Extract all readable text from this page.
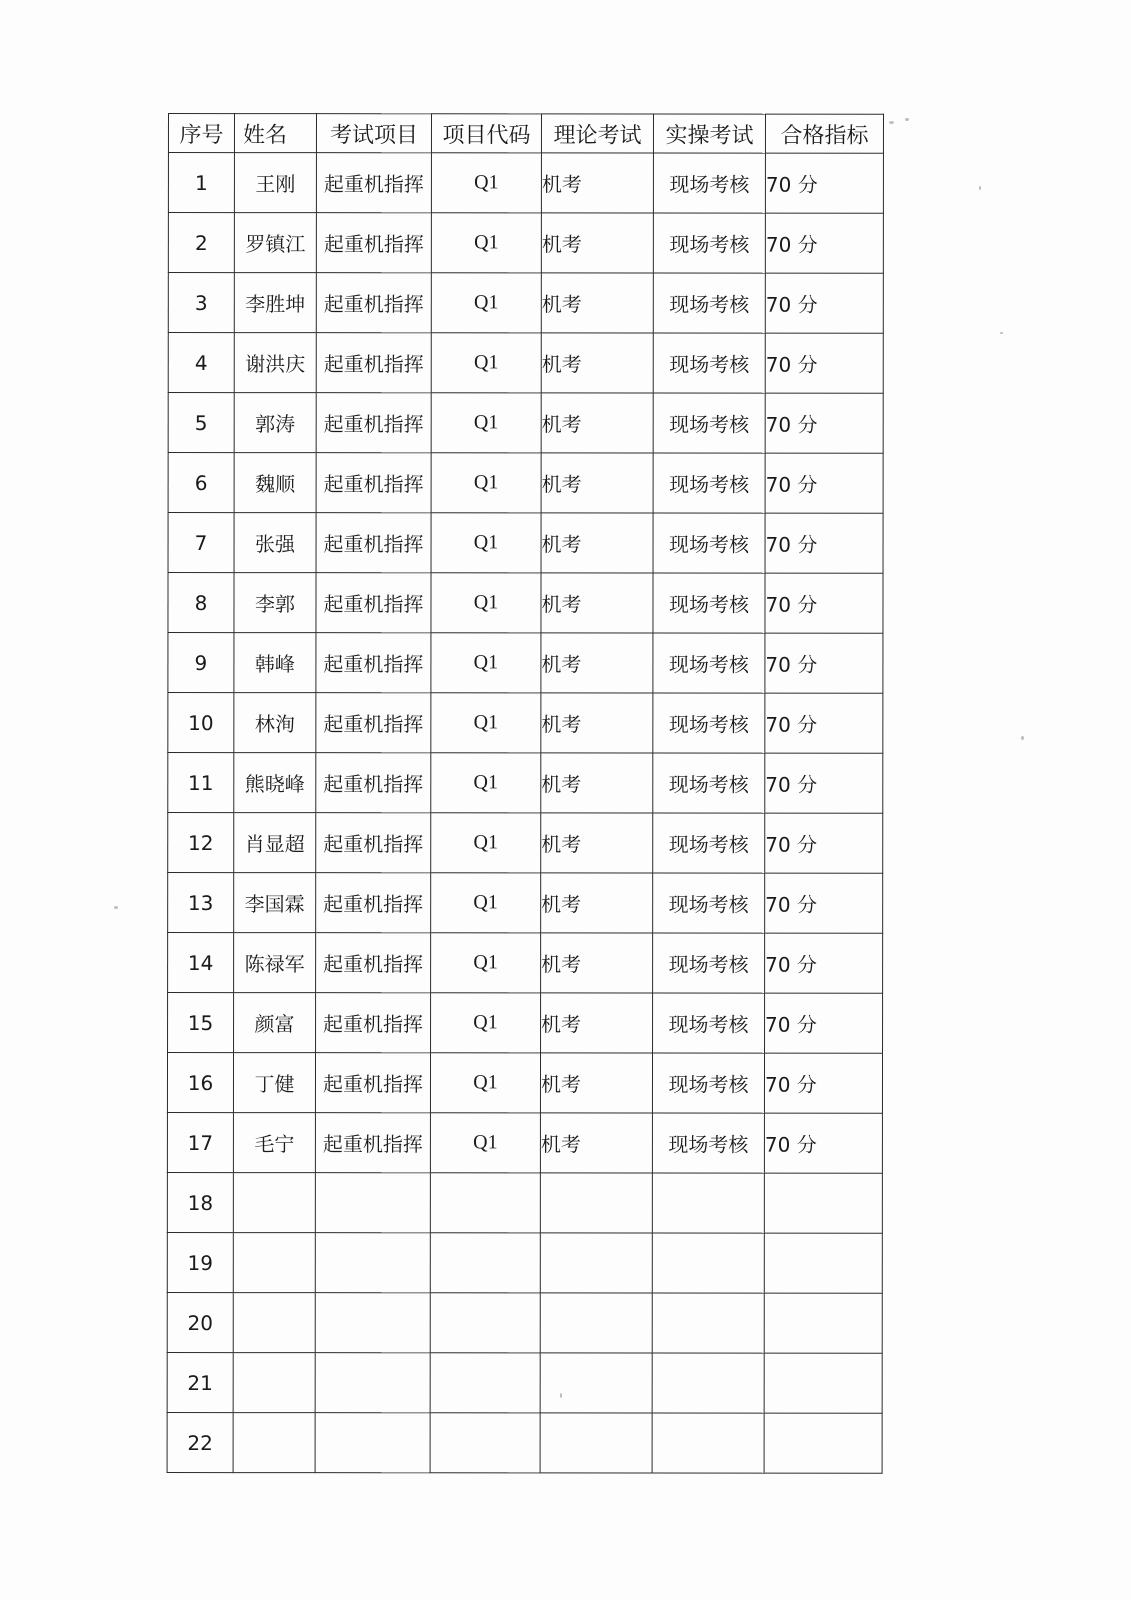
序号	姓名	考试项目	项目代码	理论考试	实操考试	合格指标
1	王刚	起重机指挥	Q1	机考	现场考核	70 分
2	罗镇江	起重机指挥	Q1	机考	现场考核	70 分
3	李胜坤	起重机指挥	Q1	机考	现场考核	70 分
4	谢洪庆	起重机指挥	Q1	机考	现场考核	70 分
5	郭涛	起重机指挥	Q1	机考	现场考核	70 分
6	魏顺	起重机指挥	Q1	机考	现场考核	70 分
7	张强	起重机指挥	Q1	机考	现场考核	70 分
8	李郭	起重机指挥	Q1	机考	现场考核	70 分
9	韩峰	起重机指挥	Q1	机考	现场考核	70 分
10	林洵	起重机指挥	Q1	机考	现场考核	70 分
11	熊晓峰	起重机指挥	Q1	机考	现场考核	70 分
12	肖显超	起重机指挥	Q1	机考	现场考核	70 分
13	李国霖	起重机指挥	Q1	机考	现场考核	70 分
14	陈禄军	起重机指挥	Q1	机考	现场考核	70 分
15	颜富	起重机指挥	Q1	机考	现场考核	70 分
16	丁健	起重机指挥	Q1	机考	现场考核	70 分
17	毛宁	起重机指挥	Q1	机考	现场考核	70 分
18						
19						
20						
21						
22						
